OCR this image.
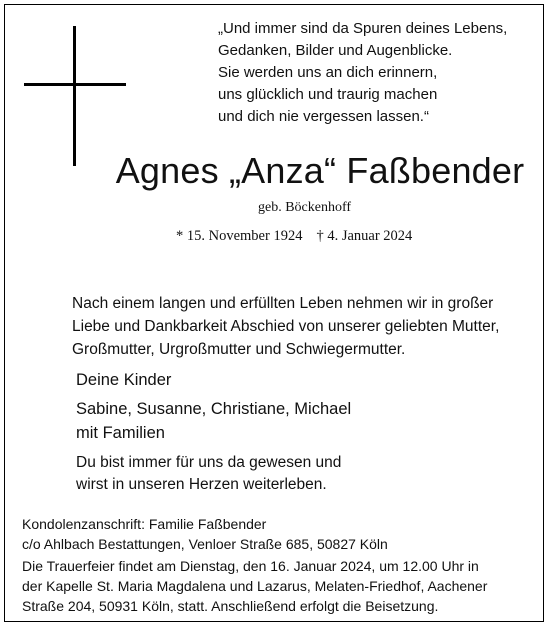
„Und immer sind da Spuren deines Lebens,
Gedanken, Bilder und Augenblicke.
Sie werden uns an dich erinnern,
uns glücklich und traurig machen
und dich nie vergessen lassen.“
Agnes „Anza“ Faßbender
geb. Böckenhoff
* 15. November 1924 † 4. Januar 2024
Nach einem langen und erfüllten Leben nehmen wir in großer
Liebe und Dankbarkeit Abschied von unserer geliebten Mutter,
Großmutter, Urgroßmutter und Schwiegermutter.
Deine Kinder
Sabine, Susanne, Christiane, Michael
mit Familien
Du bist immer für uns da gewesen und
wirst in unseren Herzen weiterleben.
Kondolenzanschrift: Familie Faßbender
c/o Ahlbach Bestattungen, Venloer Straße 685, 50827 Köln
Die Trauerfeier findet am Dienstag, den 16. Januar 2024, um 12.00 Uhr in
der Kapelle St. Maria Magdalena und Lazarus, Melaten-Friedhof, Aachener
Straße 204, 50931 Köln, statt. Anschließend erfolgt die Beisetzung.
